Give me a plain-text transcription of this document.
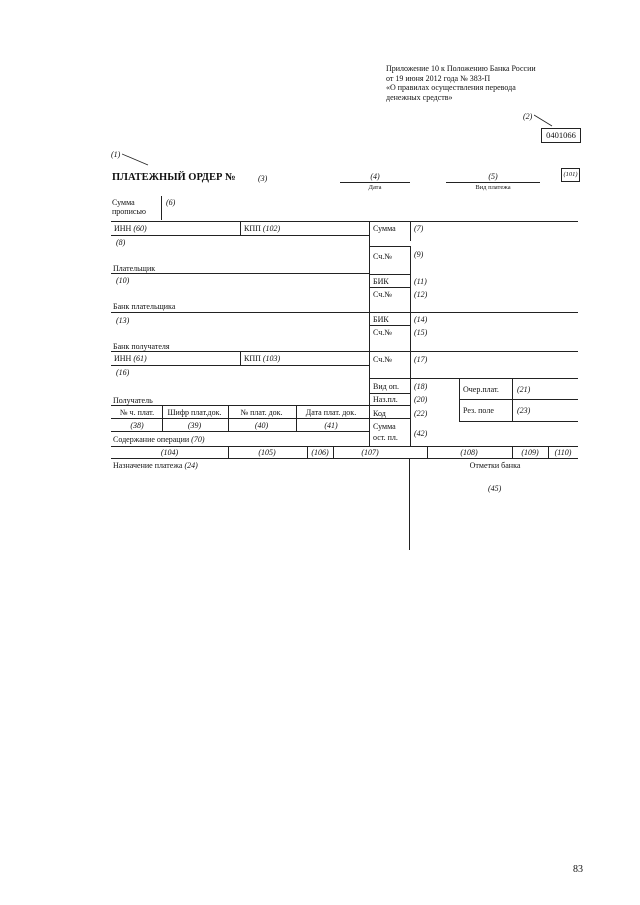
Приложение 10 к Положению Банка России
от 19 июня 2012 года № 383-П
«О правилах осуществления перевода
денежных средств»
(2)
0401066
(1)
ПЛАТЕЖНЫЙ ОРДЕР №	(3)	(4)
Дата
(5)
Вид платежа
(101)
Сумма
прописью
(6)
ИНН (60)	КПП (102)	Сумма (7)
(8)
Сч.№	(9)
Плательщик
(10)	БИК	(11)
Сч.№	(12)
Банк плательщика
(13)	БИК	(14)
Сч.№	(15)
Банк получателя
ИНН (61)	КПП (103)	Сч.№	(17)
(16)
Вид оп. (18)	Очер.плат. (21)
Получатель	Наз.пл. (20)
Код	(22)	Рез. поле	(23)
Сумма
ост. пл. (42)
№ ч. плат.	Шифр плат.док.	№ плат. док.	Дата плат. док.
(38)	(39)	(40)	(41)
Содержание операции (70)
(104)	(105)	(106)	(107)	(108)	(109)	(110)
Назначение платежа (24)	Отметки банка
(45)
83
